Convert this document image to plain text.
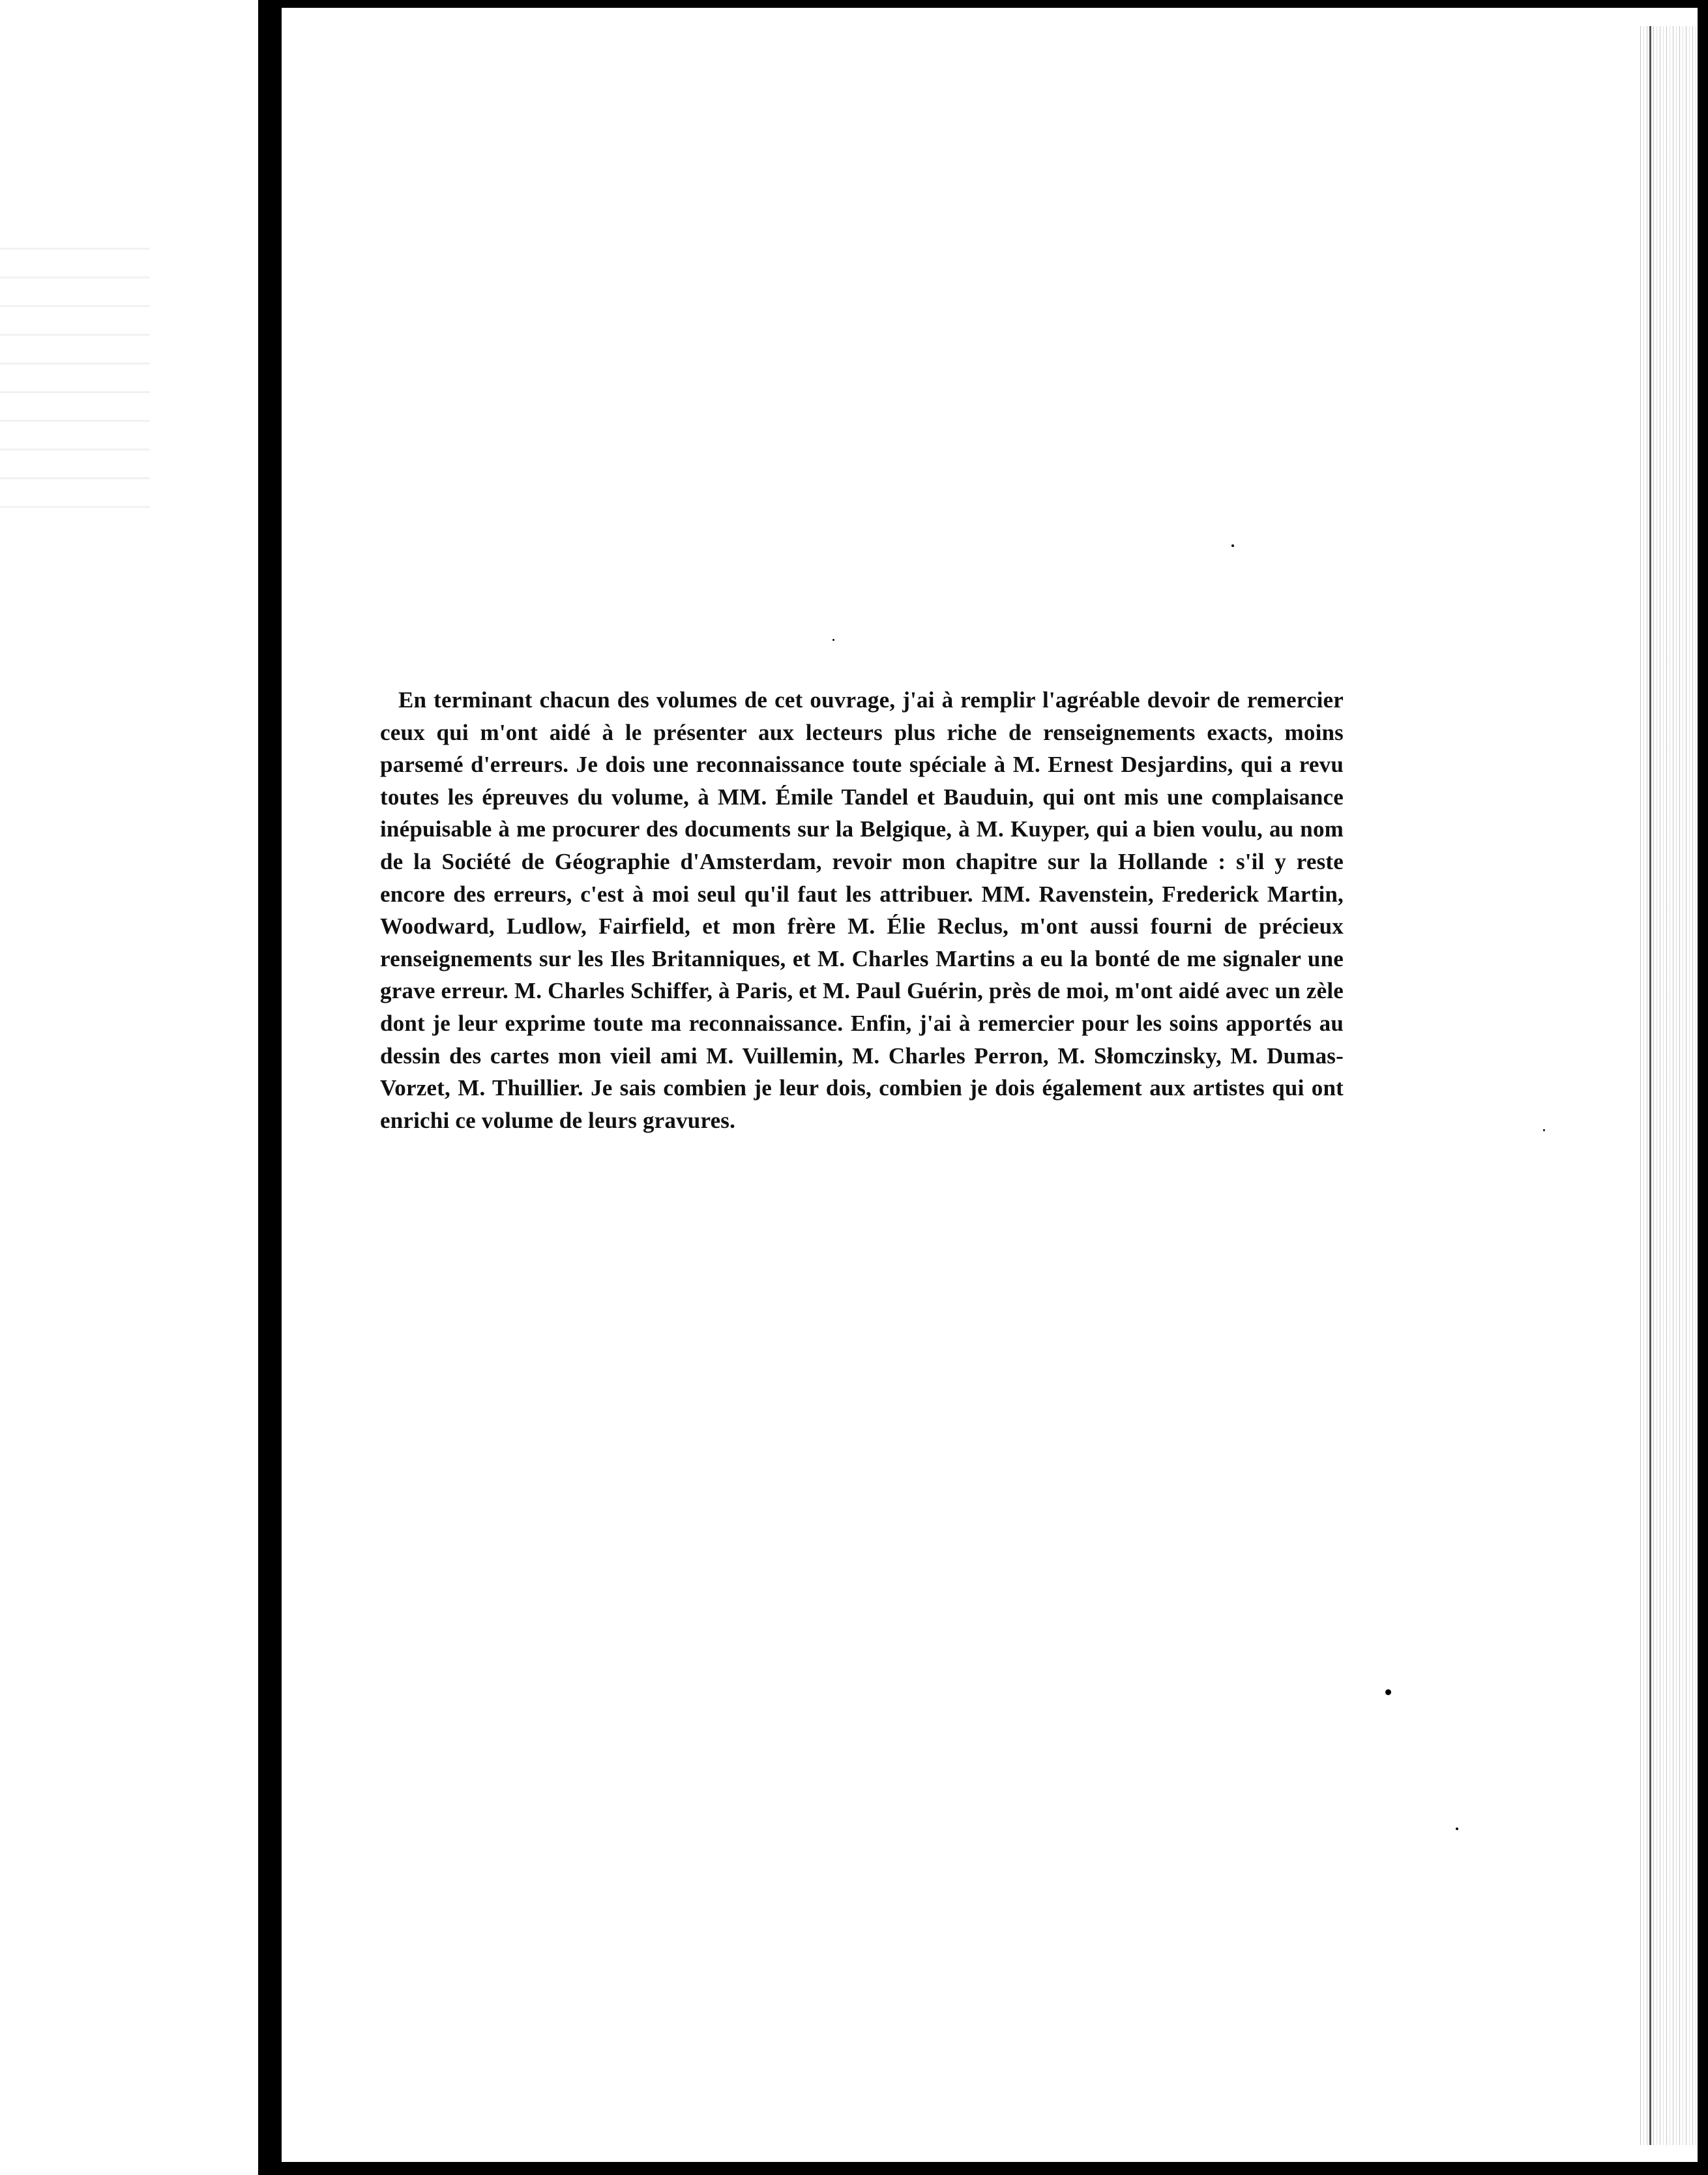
En terminant chacun des volumes de cet ouvrage, j'ai à remplir l'agréable devoir de remercier ceux qui m'ont aidé à le présenter aux lecteurs plus riche de renseignements exacts, moins parsemé d'erreurs. Je dois une reconnaissance toute spéciale à M. Ernest Desjardins, qui a revu toutes les épreuves du volume, à MM. Émile Tandel et Bauduin, qui ont mis une complaisance inépuisable à me procurer des documents sur la Belgique, à M. Kuyper, qui a bien voulu, au nom de la Société de Géographie d'Amsterdam, revoir mon chapitre sur la Hollande : s'il y reste encore des erreurs, c'est à moi seul qu'il faut les attribuer. MM. Ravenstein, Frederick Martin, Woodward, Ludlow, Fairfield, et mon frère M. Élie Reclus, m'ont aussi fourni de précieux renseignements sur les Iles Britanniques, et M. Charles Martins a eu la bonté de me signaler une grave erreur. M. Charles Schiffer, à Paris, et M. Paul Guérin, près de moi, m'ont aidé avec un zèle dont je leur exprime toute ma reconnaissance. Enfin, j'ai à remercier pour les soins apportés au dessin des cartes mon vieil ami M. Vuillemin, M. Charles Perron, M. Słomczinsky, M. Dumas-Vorzet, M. Thuillier. Je sais combien je leur dois, combien je dois également aux artistes qui ont enrichi ce volume de leurs gravures.
